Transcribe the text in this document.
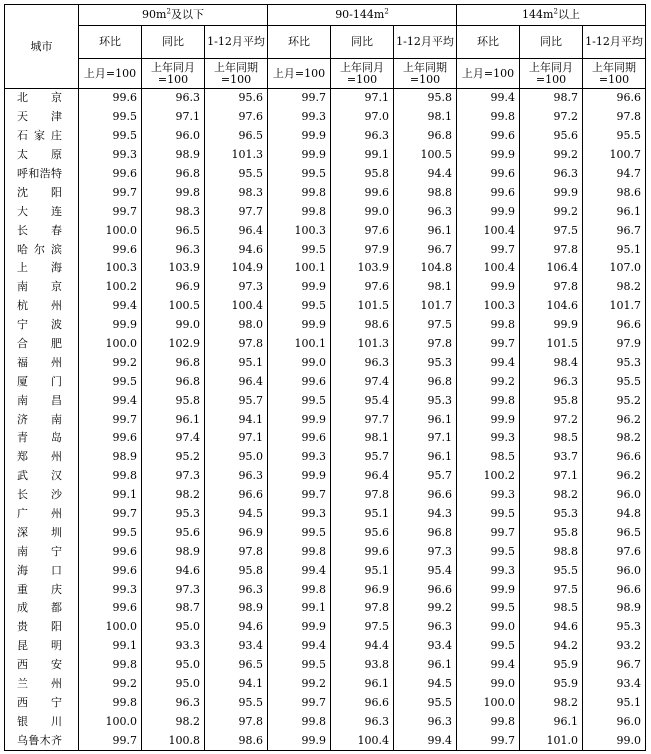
城市	$90m^2$及以下			$90-144m^2$			$144m^2$以上		
	环比	同比	1-12月平均	环比	同比	1-12月平均	环比	同比	1-12月平均
	上月=100	上年同月=100	上年同期=100	上月=100	上年同月=100	上年同期=100	上月=100	上年同月=100	上年同期=100

北京	99.6	96.3	95.6	99.7	97.1	95.8	99.4	98.7	96.6

天津	99.5	97.1	97.6	99.3	97.0	98.1	99.8	97.2	97.8

石家庄	99.5	96.0	96.5	99.9	96.3	96.8	99.6	95.6	95.5

太原	99.3	98.9	101.3	99.9	99.1	100.5	99.9	99.2	100.7

呼和浩特	99.6	96.8	95.5	99.5	95.8	94.4	99.6	96.3	94.7

沈阳	99.7	99.8	98.3	99.8	99.6	98.8	99.6	99.9	98.6

大连	99.7	98.3	97.7	99.8	99.0	96.3	99.9	99.2	96.1

长春	100.0	96.5	96.4	100.3	97.6	96.1	100.4	97.5	96.7

哈尔滨	99.6	96.3	94.6	99.5	97.9	96.7	99.7	97.8	95.1

上海	100.3	103.9	104.9	100.1	103.9	104.8	100.4	106.4	107.0

南京	100.2	96.9	97.3	99.9	97.6	98.1	99.9	97.8	98.2

杭州	99.4	100.5	100.4	99.5	101.5	101.7	100.3	104.6	101.7

宁波	99.9	99.0	98.0	99.9	98.6	97.5	99.8	99.9	96.6

合肥	100.0	102.9	97.8	100.1	101.3	97.8	99.7	101.5	97.9

福州	99.2	96.8	95.1	99.0	96.3	95.3	99.4	98.4	95.3

厦门	99.5	96.8	96.4	99.6	97.4	96.8	99.2	96.3	95.5

南昌	99.4	95.8	95.7	99.5	95.4	95.3	99.8	95.8	95.2

济南	99.7	96.1	94.1	99.9	97.7	96.1	99.9	97.2	96.2

青岛	99.6	97.4	97.1	99.6	98.1	97.1	99.3	98.5	98.2

郑州	98.9	95.2	95.0	99.3	95.7	96.1	98.5	93.7	96.6

武汉	99.8	97.3	96.3	99.9	96.4	95.7	100.2	97.1	96.2

长沙	99.1	98.2	96.6	99.7	97.8	96.6	99.3	98.2	96.0

广州	99.7	95.3	94.5	99.3	95.1	94.3	99.5	95.3	94.8

深圳	99.5	95.6	96.9	99.5	95.6	96.8	99.7	95.8	96.5

南宁	99.6	98.9	97.8	99.8	99.6	97.3	99.5	98.8	97.6

海口	99.6	94.6	95.8	99.4	95.1	95.4	99.3	95.5	96.0

重庆	99.3	97.3	96.3	99.8	96.9	96.6	99.9	97.5	96.6

成都	99.6	98.7	98.9	99.1	97.8	99.2	99.5	98.5	98.9

贵阳	100.0	95.0	94.6	99.9	97.5	96.3	99.0	94.6	95.3

昆明	99.1	93.3	93.4	99.4	94.4	93.4	99.5	94.2	93.2

西安	99.8	95.0	96.5	99.5	93.8	96.1	99.4	95.9	96.7

兰州	99.2	95.0	94.1	99.2	96.1	94.5	99.0	95.9	93.4

西宁	99.8	96.3	95.5	99.7	96.6	95.5	100.0	98.2	95.1

银川	100.0	98.2	97.8	99.8	96.3	96.3	99.8	96.1	96.0

乌鲁木齐	99.7	100.8	98.6	99.9	100.4	99.4	99.7	101.0	99.0
